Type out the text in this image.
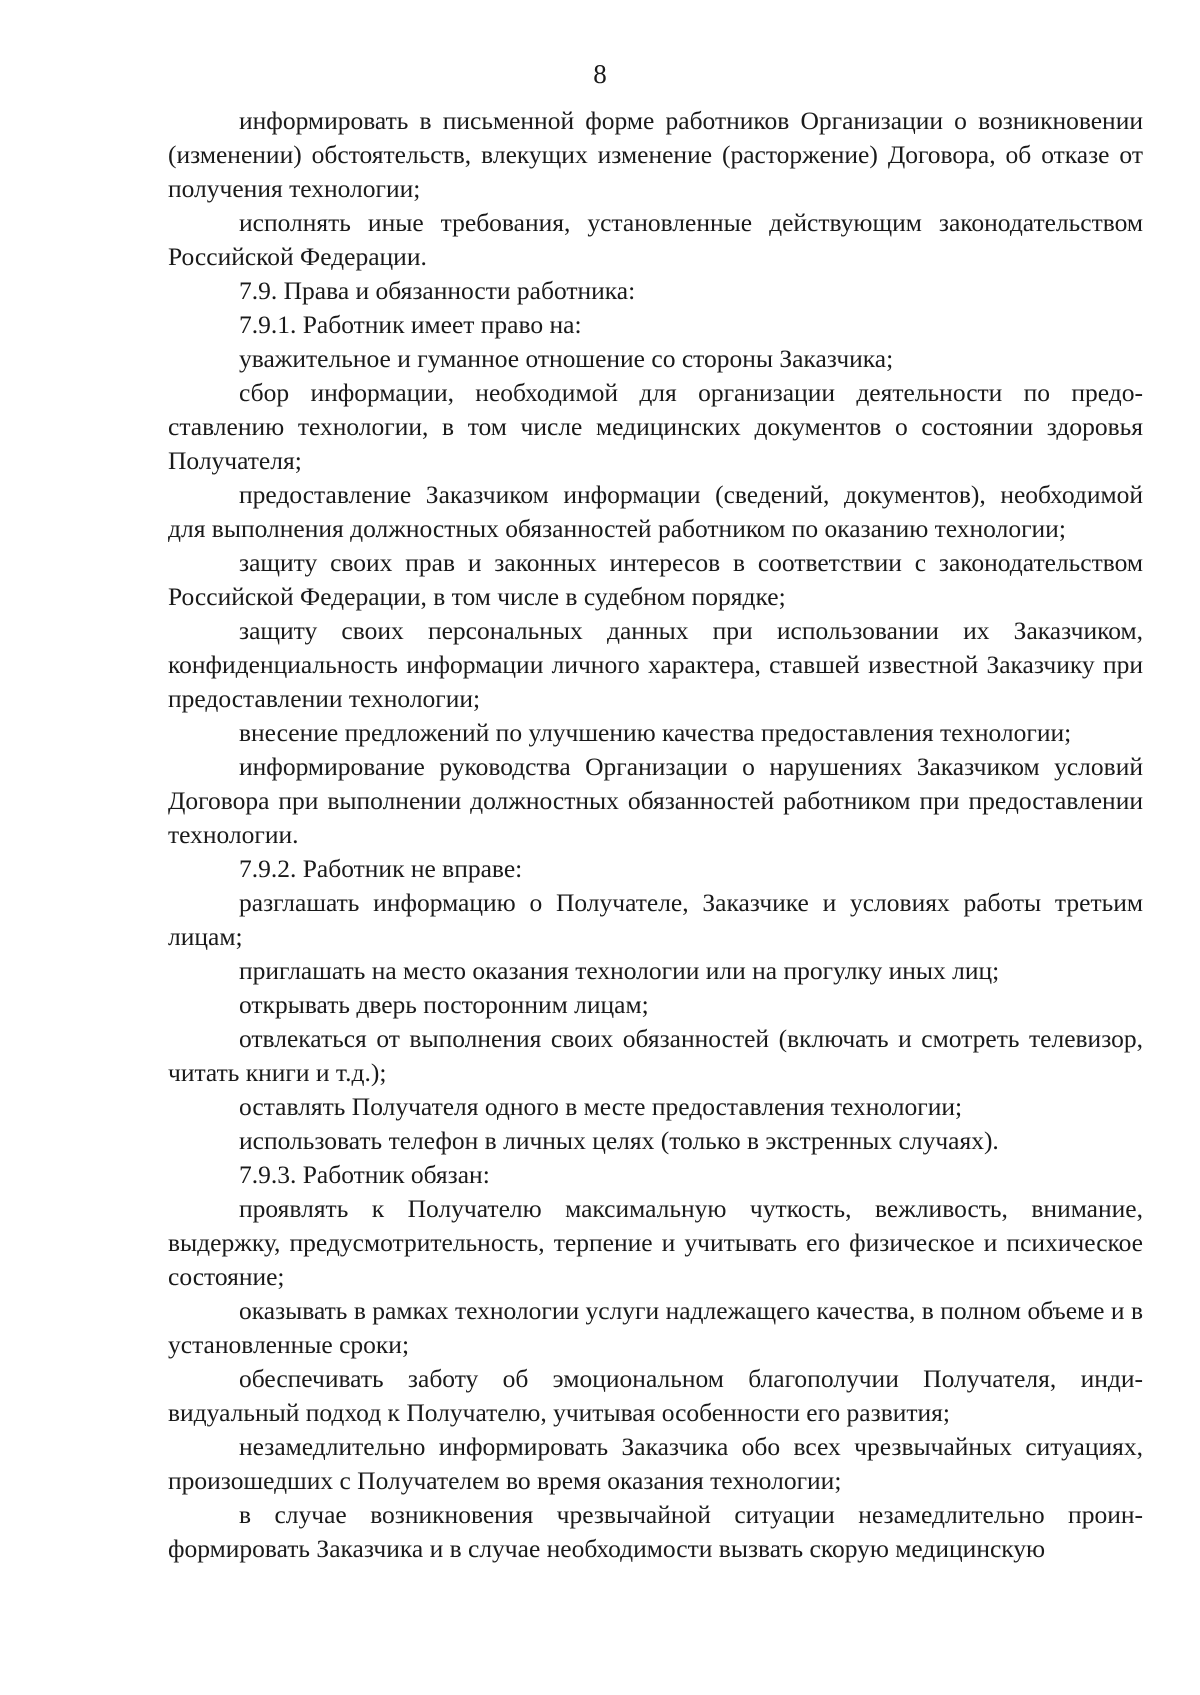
8

информировать в письменной форме работников Организации о возникновении (изменении) обстоятельств, влекущих изменение (расторжение) Договора, об отказе от получения технологии;

исполнять иные требования, установленные действующим законодательством Российской Федерации.

7.9. Права и обязанности работника:

7.9.1. Работник имеет право на:

уважительное и гуманное отношение со стороны Заказчика;

сбор информации, необходимой для организации деятельности по предоставлению технологии, в том числе медицинских документов о состоянии здоровья Получателя;

предоставление Заказчиком информации (сведений, документов), необходимой для выполнения должностных обязанностей работником по оказанию технологии;

защиту своих прав и законных интересов в соответствии с законодательством Российской Федерации, в том числе в судебном порядке;

защиту своих персональных данных при использовании их Заказчиком, конфиденциальность информации личного характера, ставшей известной Заказчику при предоставлении технологии;

внесение предложений по улучшению качества предоставления технологии;

информирование руководства Организации о нарушениях Заказчиком условий Договора при выполнении должностных обязанностей работником при предоставлении технологии.

7.9.2. Работник не вправе:

разглашать информацию о Получателе, Заказчике и условиях работы третьим лицам;

приглашать на место оказания технологии или на прогулку иных лиц;

открывать дверь посторонним лицам;

отвлекаться от выполнения своих обязанностей (включать и смотреть телевизор, читать книги и т.д.);

оставлять Получателя одного в месте предоставления технологии;

использовать телефон в личных целях (только в экстренных случаях).

7.9.3. Работник обязан:

проявлять к Получателю максимальную чуткость, вежливость, внимание, выдержку, предусмотрительность, терпение и учитывать его физическое и психическое состояние;

оказывать в рамках технологии услуги надлежащего качества, в полном объеме и в установленные сроки;

обеспечивать заботу об эмоциональном благополучии Получателя, индивидуальный подход к Получателю, учитывая особенности его развития;

незамедлительно информировать Заказчика обо всех чрезвычайных ситуациях, произошедших с Получателем во время оказания технологии;

в случае возникновения чрезвычайной ситуации незамедлительно проинформировать Заказчика и в случае необходимости вызвать скорую медицинскую
